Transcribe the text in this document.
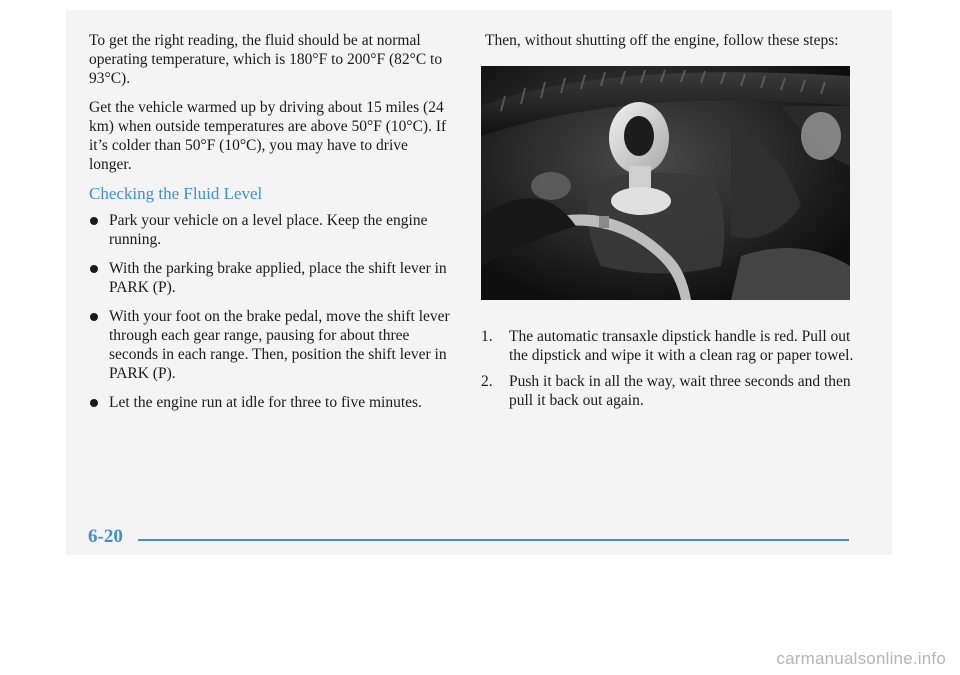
To get the right reading, the fluid should be at normal operating temperature, which is 180°F to 200°F (82°C to 93°C).

Get the vehicle warmed up by driving about 15 miles (24 km) when outside temperatures are above 50°F (10°C). If it’s colder than 50°F (10°C), you may have to drive longer.

Checking the Fluid Level
Park your vehicle on a level place. Keep the engine running.
With the parking brake applied, place the shift lever in PARK (P).
With your foot on the brake pedal, move the shift lever through each gear range, pausing for about three seconds in each range. Then, position the shift lever in PARK (P).
Let the engine run at idle for three to five minutes.

Then, without shutting off the engine, follow these steps:

1. The automatic transaxle dipstick handle is red. Pull out the dipstick and wipe it with a clean rag or paper towel.
2. Push it back in all the way, wait three seconds and then pull it back out again.
6-20
carmanualsonline.info
